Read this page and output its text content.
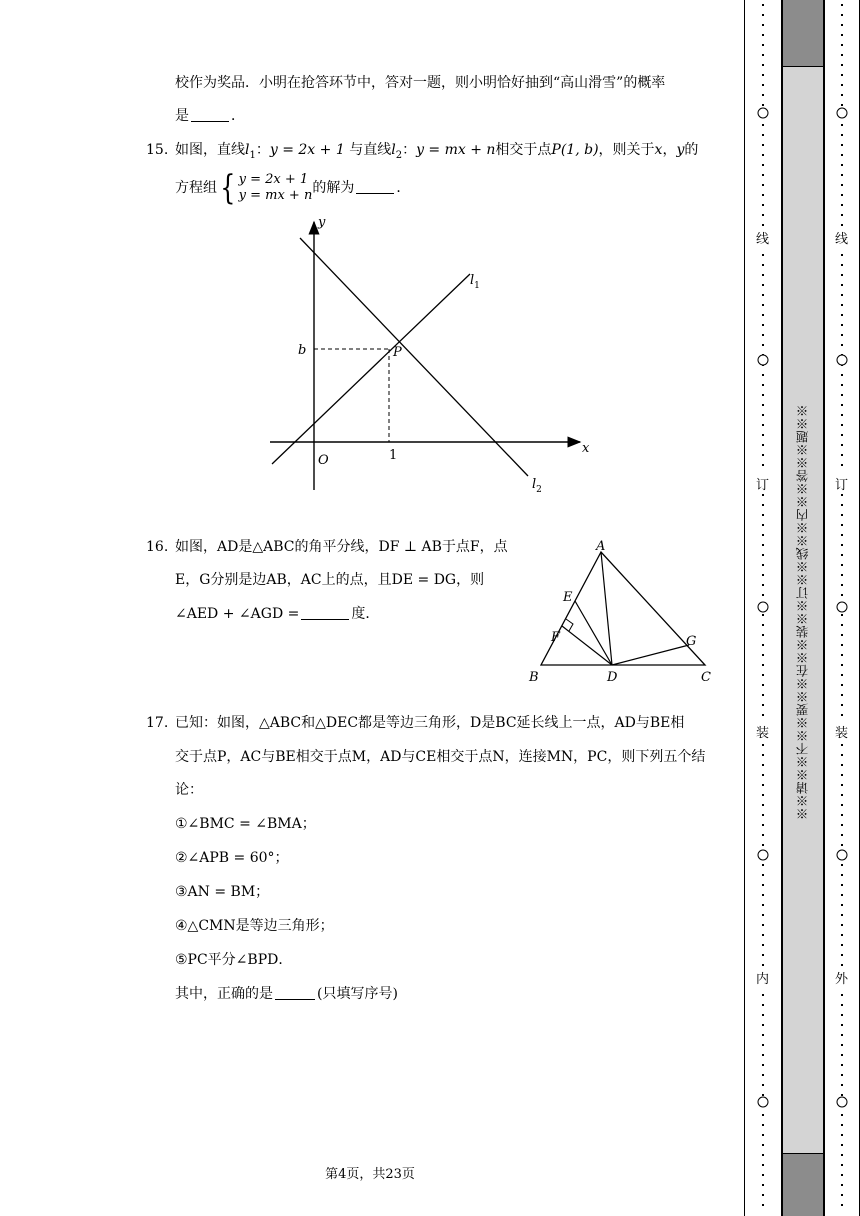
校作为奖品．小明在抢答环节中，答对一题，则小明恰好抽到“高山滑雪”的概率
是	．
15. 如图，直线$l_1$：y = 2x + 1 与直线$l_2$：y = mx + n相交于点P(1, b)，则关于x，y的
方程组 { y = 2x + 1
y = mx + n 的解为	．
y
x
O
b
1
P
$l_1$
$l_2$
16. 如图，AD是△ABC的角平分线，DF ⊥ AB于点F，点
E，G分别是边AB，AC上的点，且DE = DG，则
∠AED + ∠AGD =	度．
A
B	C
D
E
F	G
17. 已知：如图，△ABC和△DEC都是等边三角形，D是BC延长线上一点，AD与BE相
交于点P，AC与BE相交于点M，AD与CE相交于点N，连接MN，PC，则下列五个结
论：
①∠BMC = ∠BMA；
②∠APB = 60°；
③AN = BM；
④△CMN是等边三角形；
⑤PC平分∠BPD．
其中，正确的是	(只填写序号)
第4页，共23页
线
订
装
内
※※请※※不※※要※※在※※装※※订※※线※※内※※答※※题※※
线
订
装
外
